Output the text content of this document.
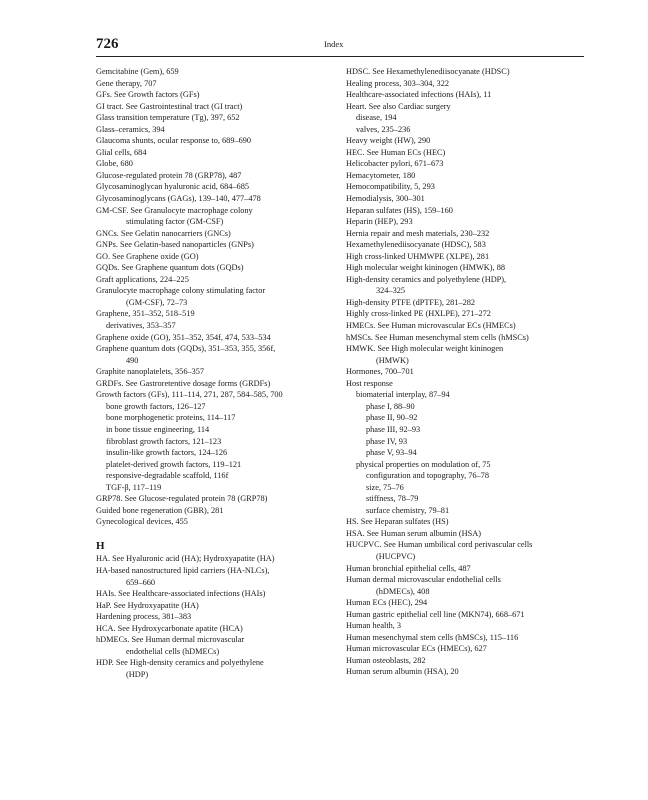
726	Index
Gemcitabine (Gem), 659
Gene therapy, 707
GFs. See Growth factors (GFs)
GI tract. See Gastrointestinal tract (GI tract)
Glass transition temperature (Tg), 397, 652
Glass–ceramics, 394
Glaucoma shunts, ocular response to, 689–690
Glial cells, 684
Globe, 680
Glucose-regulated protein 78 (GRP78), 487
Glycosaminoglycan hyaluronic acid, 684–685
Glycosaminoglycans (GAGs), 139–140, 477–478
GM-CSF. See Granulocyte macrophage colony
stimulating factor (GM-CSF)
GNCs. See Gelatin nanocarriers (GNCs)
GNPs. See Gelatin-based nanoparticles (GNPs)
GO. See Graphene oxide (GO)
GQDs. See Graphene quantum dots (GQDs)
Graft applications, 224–225
Granulocyte macrophage colony stimulating factor
(GM-CSF), 72–73
Graphene, 351–352, 518–519
derivatives, 353–357
Graphene oxide (GO), 351–352, 354f, 474, 533–534
Graphene quantum dots (GQDs), 351–353, 355, 356f,
490
Graphite nanoplatelets, 356–357
GRDFs. See Gastroretentive dosage forms (GRDFs)
Growth factors (GFs), 111–114, 271, 287, 584–585, 700
bone growth factors, 126–127
bone morphogenetic proteins, 114–117
in bone tissue engineering, 114
fibroblast growth factors, 121–123
insulin-like growth factors, 124–126
platelet-derived growth factors, 119–121
responsive-degradable scaffold, 116f
TGF-β, 117–119
GRP78. See Glucose-regulated protein 78 (GRP78)
Guided bone regeneration (GBR), 281
Gynecological devices, 455
H
HA. See Hyaluronic acid (HA); Hydroxyapatite (HA)
HA-based nanostructured lipid carriers (HA-NLCs),
659–660
HAIs. See Healthcare-associated infections (HAIs)
HaP. See Hydroxyapatite (HA)
Hardening process, 381–383
HCA. See Hydroxycarbonate apatite (HCA)
hDMECs. See Human dermal microvascular
endothelial cells (hDMECs)
HDP. See High-density ceramics and polyethylene
(HDP)
HDSC. See Hexamethylenediisocyanate (HDSC)
Healing process, 303–304, 322
Healthcare-associated infections (HAIs), 11
Heart. See also Cardiac surgery
disease, 194
valves, 235–236
Heavy weight (HW), 290
HEC. See Human ECs (HEC)
Helicobacter pylori, 671–673
Hemacytometer, 180
Hemocompatibility, 5, 293
Hemodialysis, 300–301
Heparan sulfates (HS), 159–160
Heparin (HEP), 293
Hernia repair and mesh materials, 230–232
Hexamethylenediisocyanate (HDSC), 583
High cross-linked UHMWPE (XLPE), 281
High molecular weight kininogen (HMWK), 88
High-density ceramics and polyethylene (HDP),
324–325
High-density PTFE (dPTFE), 281–282
Highly cross-linked PE (HXLPE), 271–272
HMECs. See Human microvascular ECs (HMECs)
hMSCs. See Human mesenchymal stem cells (hMSCs)
HMWK. See High molecular weight kininogen
(HMWK)
Hormones, 700–701
Host response
biomaterial interplay, 87–94
phase I, 88–90
phase II, 90–92
phase III, 92–93
phase IV, 93
phase V, 93–94
physical properties on modulation of, 75
configuration and topography, 76–78
size, 75–76
stiffness, 78–79
surface chemistry, 79–81
HS. See Heparan sulfates (HS)
HSA. See Human serum albumin (HSA)
HUCPVC. See Human umbilical cord perivascular cells
(HUCPVC)
Human bronchial epithelial cells, 487
Human dermal microvascular endothelial cells
(hDMECs), 408
Human ECs (HEC), 294
Human gastric epithelial cell line (MKN74), 668–671
Human health, 3
Human mesenchymal stem cells (hMSCs), 115–116
Human microvascular ECs (HMECs), 627
Human osteoblasts, 282
Human serum albumin (HSA), 20
